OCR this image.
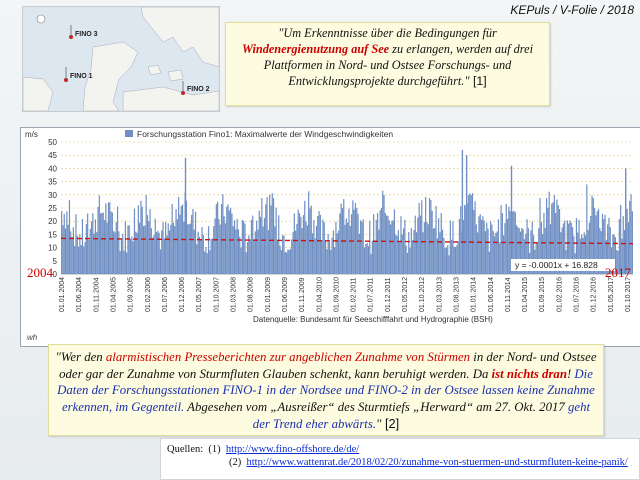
FINO 3
FINO 1
FINO 2
KEPuls / V-Folie / 2018
"Um Erkenntnisse über die Bedingungen für
Windenergienutzung auf See zu erlangen, werden auf drei Plattformen in Nord- und Ostsee Forschungs- und Entwicklungsprojekte durchgeführt." [1]
0
5
10
15
20
25
30
35
40
45
50
01.01.2004 01.06.2004 01.11.2004 01.04.2005 01.09.2005 01.02.2006 01.07.2006 01.12.2006 01.05.2007 01.10.2007 01.03.2008 01.08.2008 01.01.2009 01.06.2009 01.11.2009 01.04.2010 01.09.2010 01.02.2011 01.07.2011 01.12.2011 01.05.2012 01.10.2012 01.03.2013 01.08.2013 01.01.2014 01.06.2014 01.11.2014 01.04.2015 01.09.2015 01.02.2016 01.07.2016 01.12.2016 01.05.2017 01.10.2017
Forschungsstation Fino1: Maximalwerte der Windgeschwindigkeiten
m/s
y = -0.0001x + 16.828
Datenquelle: Bundesamt für Seeschifffahrt und Hydrographie (BSH)
wh
2004	2017
"Wer den alarmistischen Presseberichten zur angeblichen Zunahme von Stürmen in der Nord- und Ostsee oder gar der Zunahme von Sturmfluten Glauben schenkt, kann beruhigt werden. Da ist nichts dran! Die Daten der Forschungsstationen FINO-1 in der Nordsee und FINO-2 in der Ostsee lassen keine Zunahme erkennen, im Gegenteil. Abgesehen vom „Ausreißer“ des Sturmtiefs „Herward“ am 27. Okt. 2017 geht der Trend eher abwärts." [2]
Quellen: (1) http://www.fino-offshore.de/de/
(2) http://www.wattenrat.de/2018/02/20/zunahme-von-stuermen-und-sturmfluten-keine-panik/
